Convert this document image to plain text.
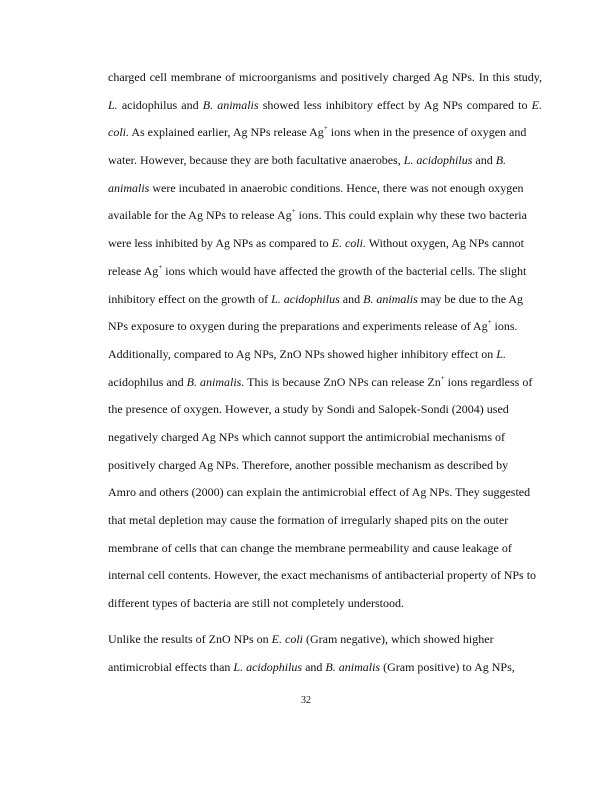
charged cell membrane of microorganisms and positively charged Ag NPs. In this study,
L. acidophilus and B. animalis showed less inhibitory effect by Ag NPs compared to E.
coli. As explained earlier, Ag NPs release Ag+ ions when in the presence of oxygen and
water. However, because they are both facultative anaerobes, L. acidophilus and B.
animalis were incubated in anaerobic conditions. Hence, there was not enough oxygen
available for the Ag NPs to release Ag+ ions. This could explain why these two bacteria
were less inhibited by Ag NPs as compared to E. coli. Without oxygen, Ag NPs cannot
release Ag+ ions which would have affected the growth of the bacterial cells. The slight
inhibitory effect on the growth of L. acidophilus and B. animalis may be due to the Ag
NPs exposure to oxygen during the preparations and experiments release of Ag+ ions.
Additionally, compared to Ag NPs, ZnO NPs showed higher inhibitory effect on L.
acidophilus and B. animalis. This is because ZnO NPs can release Zn+ ions regardless of
the presence of oxygen. However, a study by Sondi and Salopek-Sondi (2004) used
negatively charged Ag NPs which cannot support the antimicrobial mechanisms of
positively charged Ag NPs. Therefore, another possible mechanism as described by
Amro and others (2000) can explain the antimicrobial effect of Ag NPs. They suggested
that metal depletion may cause the formation of irregularly shaped pits on the outer
membrane of cells that can change the membrane permeability and cause leakage of
internal cell contents. However, the exact mechanisms of antibacterial property of NPs to
different types of bacteria are still not completely understood.
Unlike the results of ZnO NPs on E. coli (Gram negative), which showed higher
antimicrobial effects than L. acidophilus and B. animalis (Gram positive) to Ag NPs,
32
